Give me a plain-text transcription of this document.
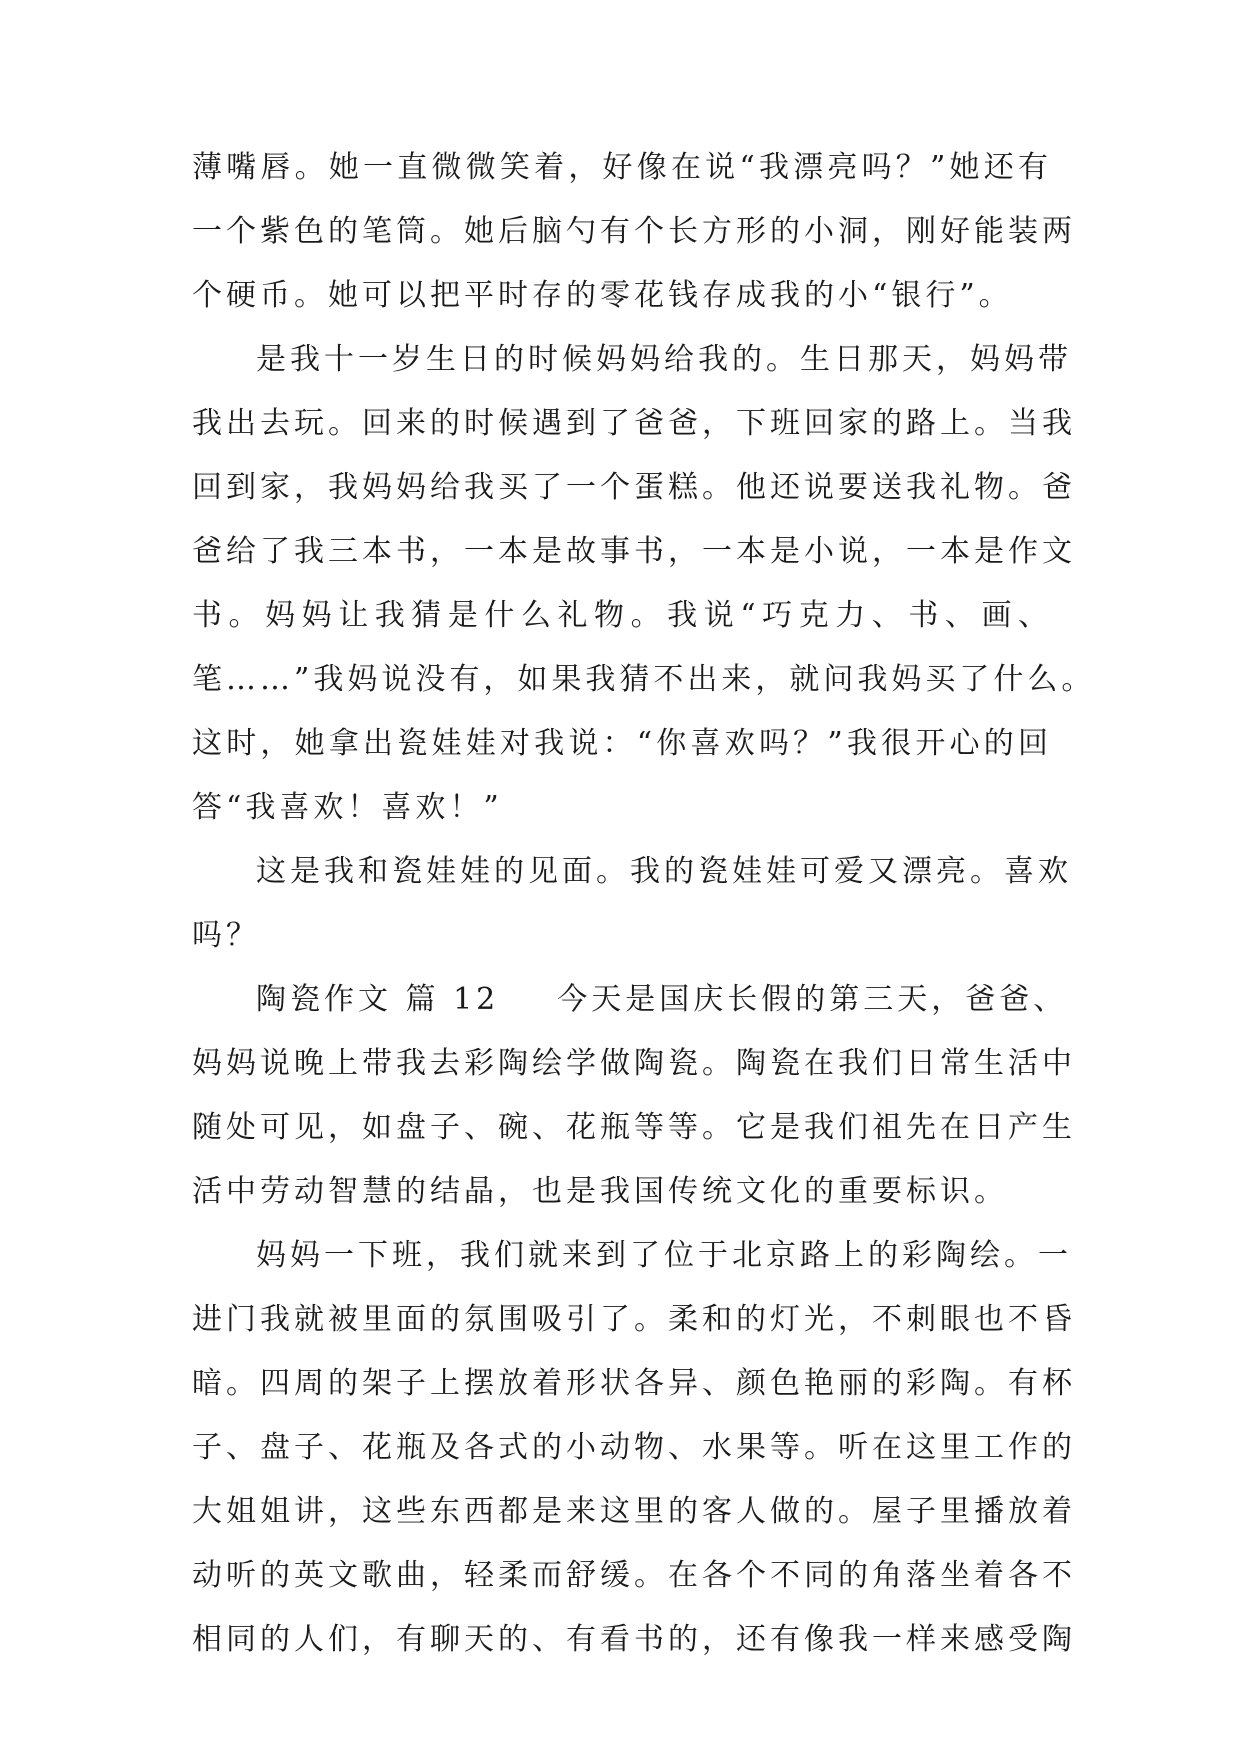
薄嘴唇。她一直微微笑着，好像在说“我漂亮吗？”她还有
一个紫色的笔筒。她后脑勺有个长方形的小洞，刚好能装两
个硬币。她可以把平时存的零花钱存成我的小“银行”。
是我十一岁生日的时候妈妈给我的。生日那天，妈妈带
我出去玩。回来的时候遇到了爸爸，下班回家的路上。当我
回到家，我妈妈给我买了一个蛋糕。他还说要送我礼物。爸
爸给了我三本书，一本是故事书，一本是小说，一本是作文
书。妈妈让我猜是什么礼物。我说“巧克力、书、画、
笔……”我妈说没有，如果我猜不出来，就问我妈买了什么。
这时，她拿出瓷娃娃对我说：“你喜欢吗？”我很开心的回
答“我喜欢！喜欢！”
这是我和瓷娃娃的见面。我的瓷娃娃可爱又漂亮。喜欢
吗？
陶瓷作文 篇 12 今天是国庆长假的第三天，爸爸、
妈妈说晚上带我去彩陶绘学做陶瓷。陶瓷在我们日常生活中
随处可见，如盘子、碗、花瓶等等。它是我们祖先在日产生
活中劳动智慧的结晶，也是我国传统文化的重要标识。
妈妈一下班，我们就来到了位于北京路上的彩陶绘。一
进门我就被里面的氛围吸引了。柔和的灯光，不刺眼也不昏
暗。四周的架子上摆放着形状各异、颜色艳丽的彩陶。有杯
子、盘子、花瓶及各式的小动物、水果等。听在这里工作的
大姐姐讲，这些东西都是来这里的客人做的。屋子里播放着
动听的英文歌曲，轻柔而舒缓。在各个不同的角落坐着各不
相同的人们，有聊天的、有看书的，还有像我一样来感受陶
